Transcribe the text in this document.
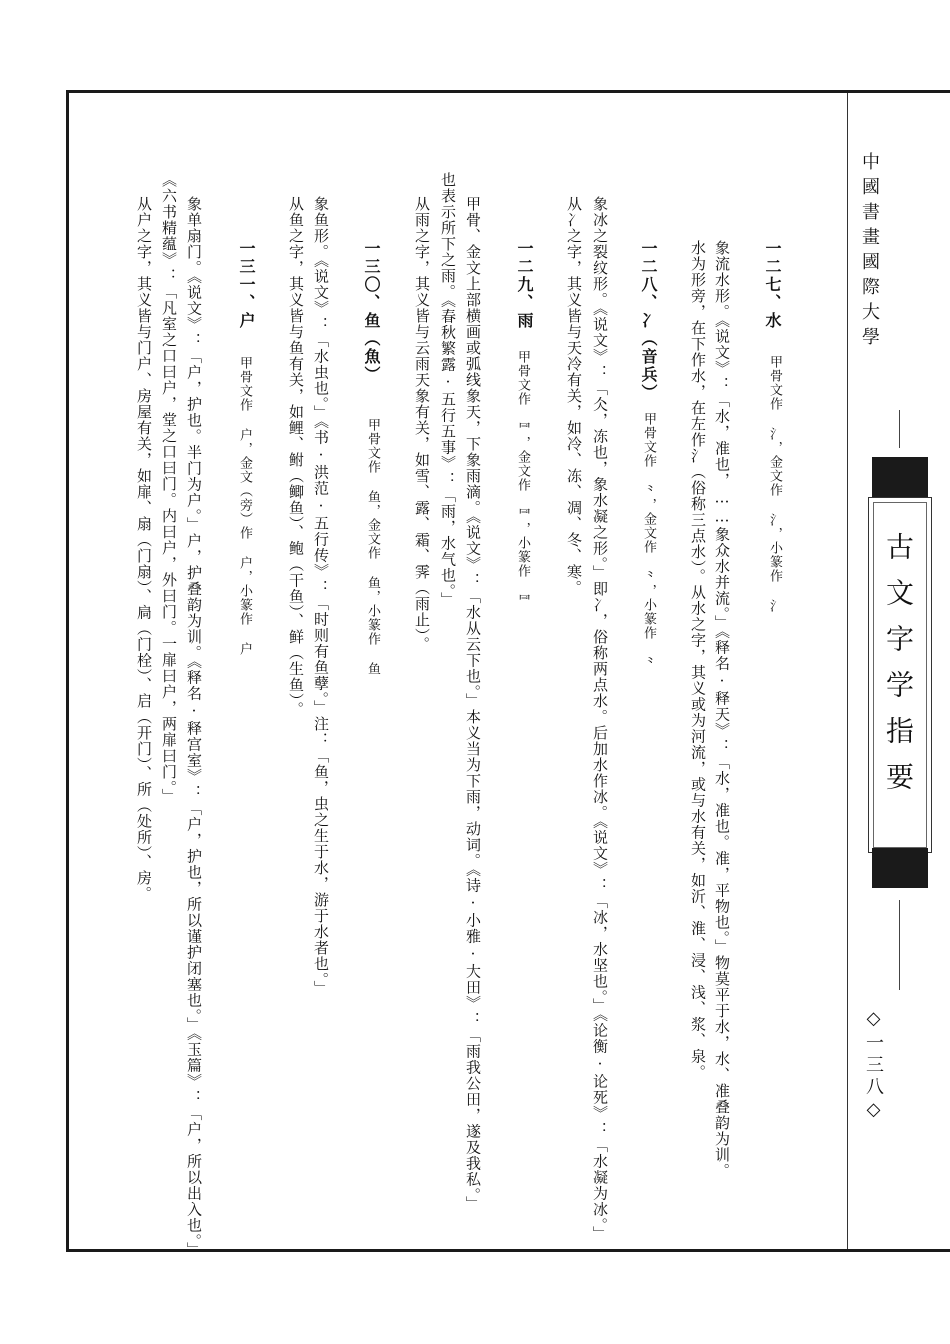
中國書畫國際大學
古文字学指要
◇一三八◇
一二七、水
甲骨文作 ⺡，金文作 ⺡，小篆作 ⺡
象流水形。《说文》：「水，准也，……象众水并流。」《释名·释天》：「水，准也。准，平物也。」物莫平于水，水、准叠韵为训。
水为形旁，在下作水，在左作氵（俗称三点水）。从水之字，其义或为河流，或与水有关，如沂、淮、浸、浅、浆、泉。
一二八、冫（音兵）
甲骨文作 ⺀，金文作 ⺀，小篆作 ⺀
象冰之裂纹形。《说文》：「仌，冻也，象水凝之形。」即冫，俗称两点水。后加水作冰。《说文》：「冰，水坚也。」《论衡·论死》：「水凝为冰。」
从冫之字，其义皆与天冷有关，如冷、冻、凋、冬、寒。
一二九、雨
甲骨文作 ⺜，金文作 ⺜，小篆作 ⺜
甲骨、金文上部横画或弧线象天，下象雨滴。《说文》：「水从云下也。」本义当为下雨，动词。《诗·小雅·大田》：「雨我公田，遂及我私。」
也表示所下之雨。《春秋繁露·五行五事》：「雨，水气也。」
从雨之字，其义皆与云雨天象有关，如雪、露、霜、霁（雨止）。
一三〇、鱼（魚）
甲骨文作 ⻥，金文作 ⻥，小篆作 ⻥
象鱼形。《说文》：「水虫也。」《书·洪范·五行传》：「时则有鱼孽。」注：「鱼，虫之生于水，游于水者也。」
从鱼之字，其义皆与鱼有关，如鲤、鲋（鲫鱼）、鲍（干鱼）、鲜（生鱼）。
一三一、户
甲骨文作 ⼾，金文（旁）作 ⼾，小篆作 ⼾
象单扇门。《说文》：「户，护也。半门为户。」户，护叠韵为训。《释名·释宫室》：「户，护也，所以谨护闭塞也。」《玉篇》：「户，所以出入也。」
《六书精蕴》：「凡室之口曰户，堂之口曰门。内曰户，外曰门。一扉曰户，两扉曰门。」
从户之字，其义皆与门户、房屋有关，如扉、扇（门扇）、扃（门栓）、启（开门）、所（处所）、房。
